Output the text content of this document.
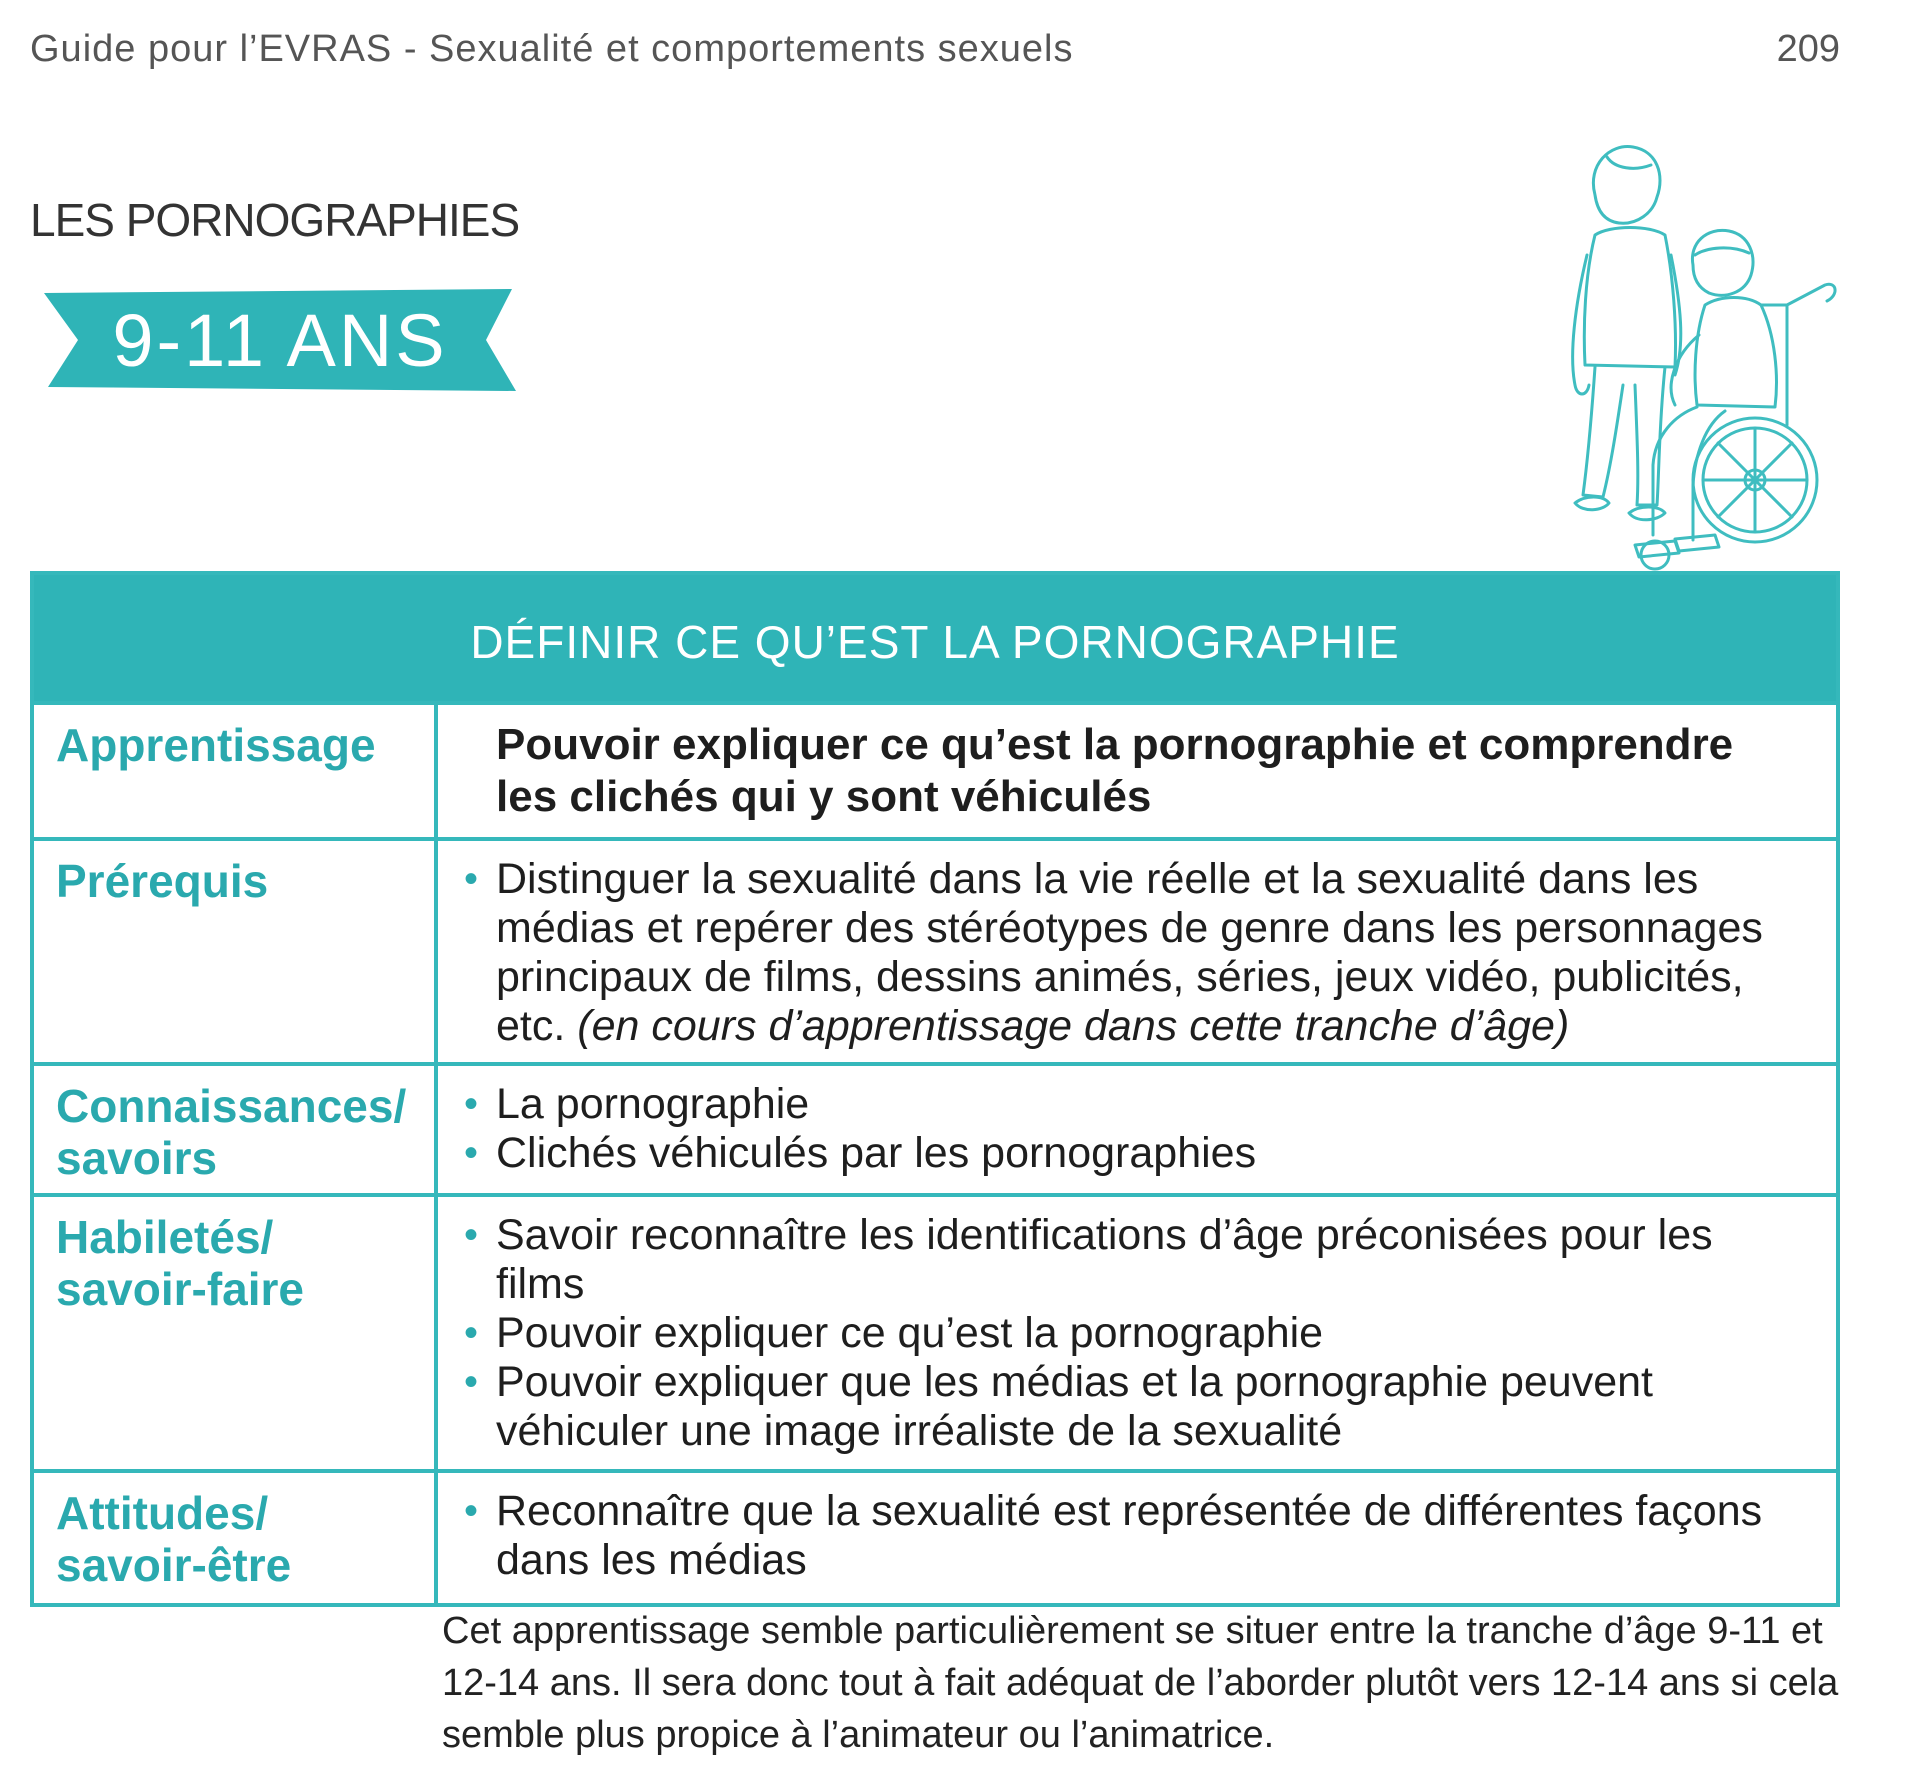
Guide pour l’EVRAS - Sexualité et comportements sexuels	209
LES PORNOGRAPHIES
9-11 ANS
DÉFINIR CE QU’EST LA PORNOGRAPHIE
Apprentissage	Pouvoir expliquer ce qu’est la pornographie et comprendre les clichés qui y sont véhiculés
Prérequis
•	Distinguer la sexualité dans la vie réelle et la sexualité dans les médias et repérer des stéréotypes de genre dans les personnages principaux de films, dessins animés, séries, jeux vidéo, publicités, etc. (en cours d’apprentissage dans cette tranche d’âge)
Connaissances/ savoirs
• La pornographie
• Clichés véhiculés par les pornographies
Habiletés/ savoir-faire
• Savoir reconnaître les identifications d’âge préconisées pour les films
• Pouvoir expliquer ce qu’est la pornographie
• Pouvoir expliquer que les médias et la pornographie peuvent véhiculer une image irréaliste de la sexualité
Attitudes/ savoir-être
• Reconnaître que la sexualité est représentée de différentes façons dans les médias
Cet apprentissage semble particulièrement se situer entre la tranche d’âge 9-11 et 12-14 ans. Il sera donc tout à fait adéquat de l’aborder plutôt vers 12-14 ans si cela semble plus propice à l’animateur ou l’animatrice.
